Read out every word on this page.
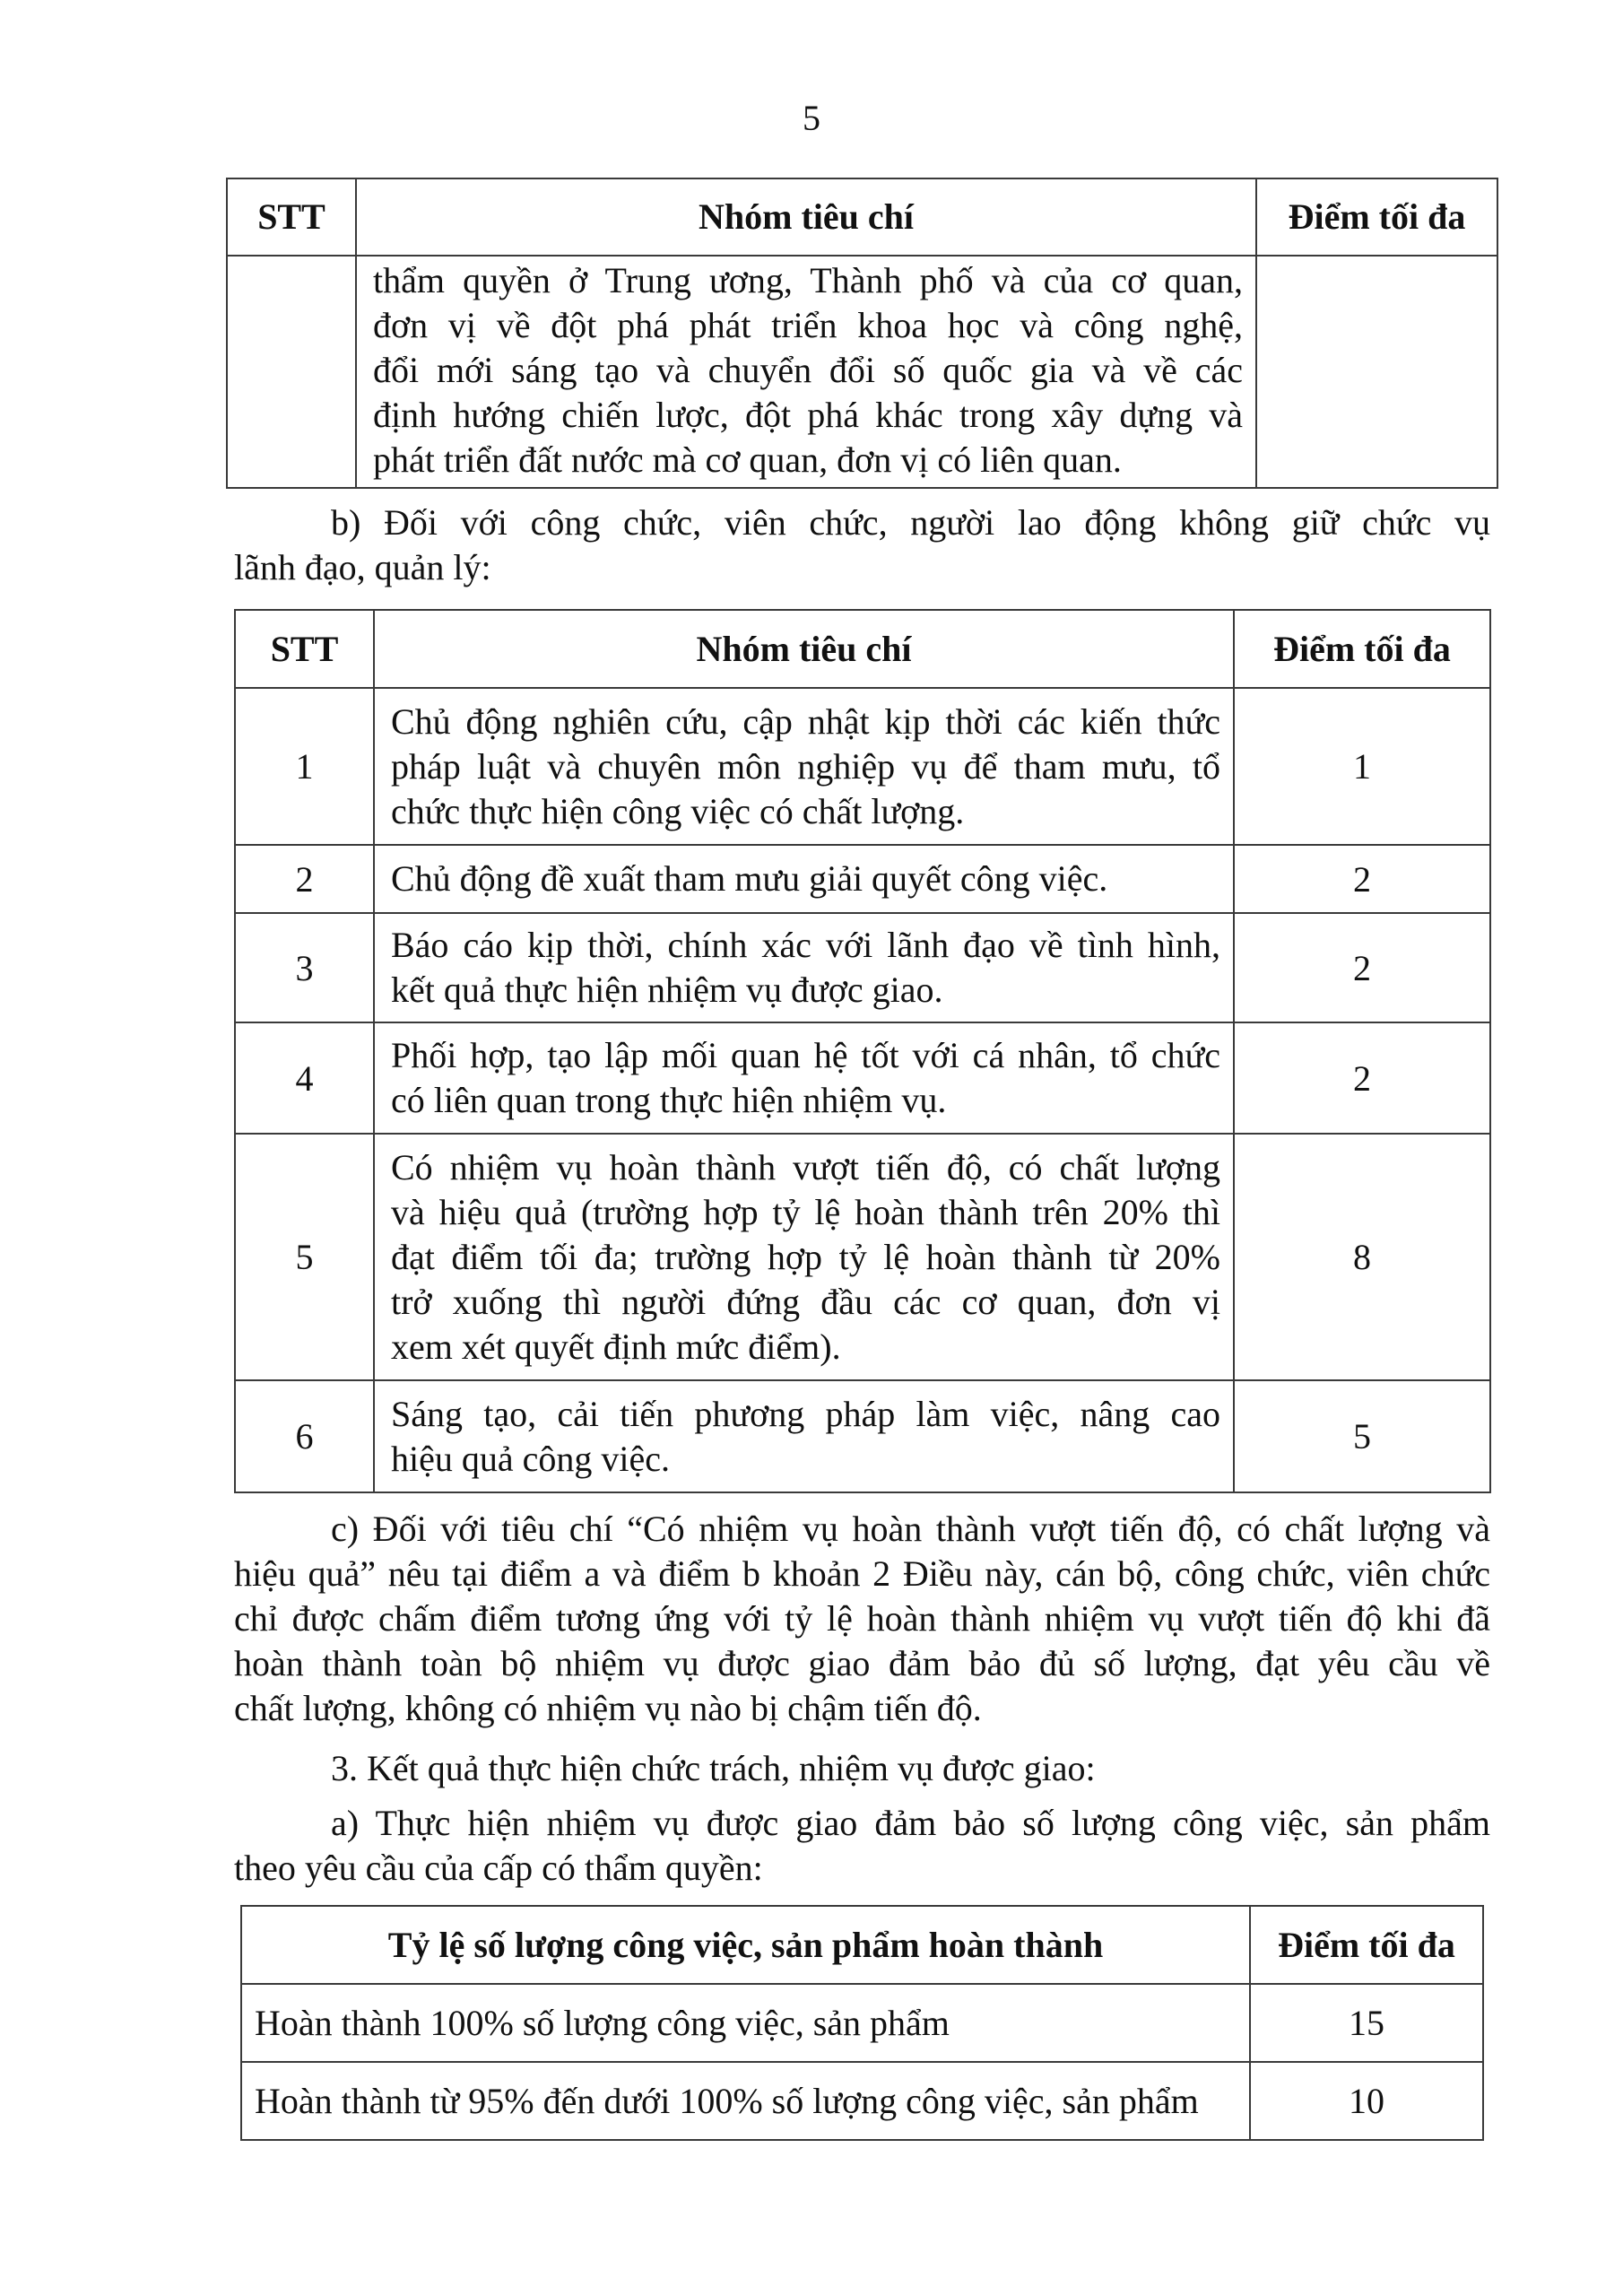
5
STT	Nhóm tiêu chí	Điểm tối đa

	thẩm quyền ở Trung ương, Thành phố và của cơ quan,
đơn vị về đột phá phát triển khoa học và công nghệ,
đổi mới sáng tạo và chuyển đổi số quốc gia và về các
định hướng chiến lược, đột phá khác trong xây dựng và
phát triển đất nước mà cơ quan, đơn vị có liên quan.	

b) Đối với công chức, viên chức, người lao động không giữ chức vụ
lãnh đạo, quản lý:
STT	Nhóm tiêu chí	Điểm tối đa
1	Chủ động nghiên cứu, cập nhật kịp thời các kiến thức
pháp luật và chuyên môn nghiệp vụ để tham mưu, tổ
chức thực hiện công việc có chất lượng.	1
2	Chủ động đề xuất tham mưu giải quyết công việc.	2
3	Báo cáo kịp thời, chính xác với lãnh đạo về tình hình,
kết quả thực hiện nhiệm vụ được giao.	2
4	Phối hợp, tạo lập mối quan hệ tốt với cá nhân, tổ chức
có liên quan trong thực hiện nhiệm vụ.	2
5	Có nhiệm vụ hoàn thành vượt tiến độ, có chất lượng
và hiệu quả (trường hợp tỷ lệ hoàn thành trên 20% thì
đạt điểm tối đa; trường hợp tỷ lệ hoàn thành từ 20%
trở xuống thì người đứng đầu các cơ quan, đơn vị
xem xét quyết định mức điểm).	8
6	Sáng tạo, cải tiến phương pháp làm việc, nâng cao
hiệu quả công việc.	5
c) Đối với tiêu chí “Có nhiệm vụ hoàn thành vượt tiến độ, có chất lượng và
hiệu quả” nêu tại điểm a và điểm b khoản 2 Điều này, cán bộ, công chức, viên chức
chỉ được chấm điểm tương ứng với tỷ lệ hoàn thành nhiệm vụ vượt tiến độ khi đã
hoàn thành toàn bộ nhiệm vụ được giao đảm bảo đủ số lượng, đạt yêu cầu về
chất lượng, không có nhiệm vụ nào bị chậm tiến độ.
3. Kết quả thực hiện chức trách, nhiệm vụ được giao:
a) Thực hiện nhiệm vụ được giao đảm bảo số lượng công việc, sản phẩm
theo yêu cầu của cấp có thẩm quyền:
Tỷ lệ số lượng công việc, sản phẩm hoàn thành	Điểm tối đa
Hoàn thành 100% số lượng công việc, sản phẩm	15
Hoàn thành từ 95% đến dưới 100% số lượng công việc, sản phẩm	10
